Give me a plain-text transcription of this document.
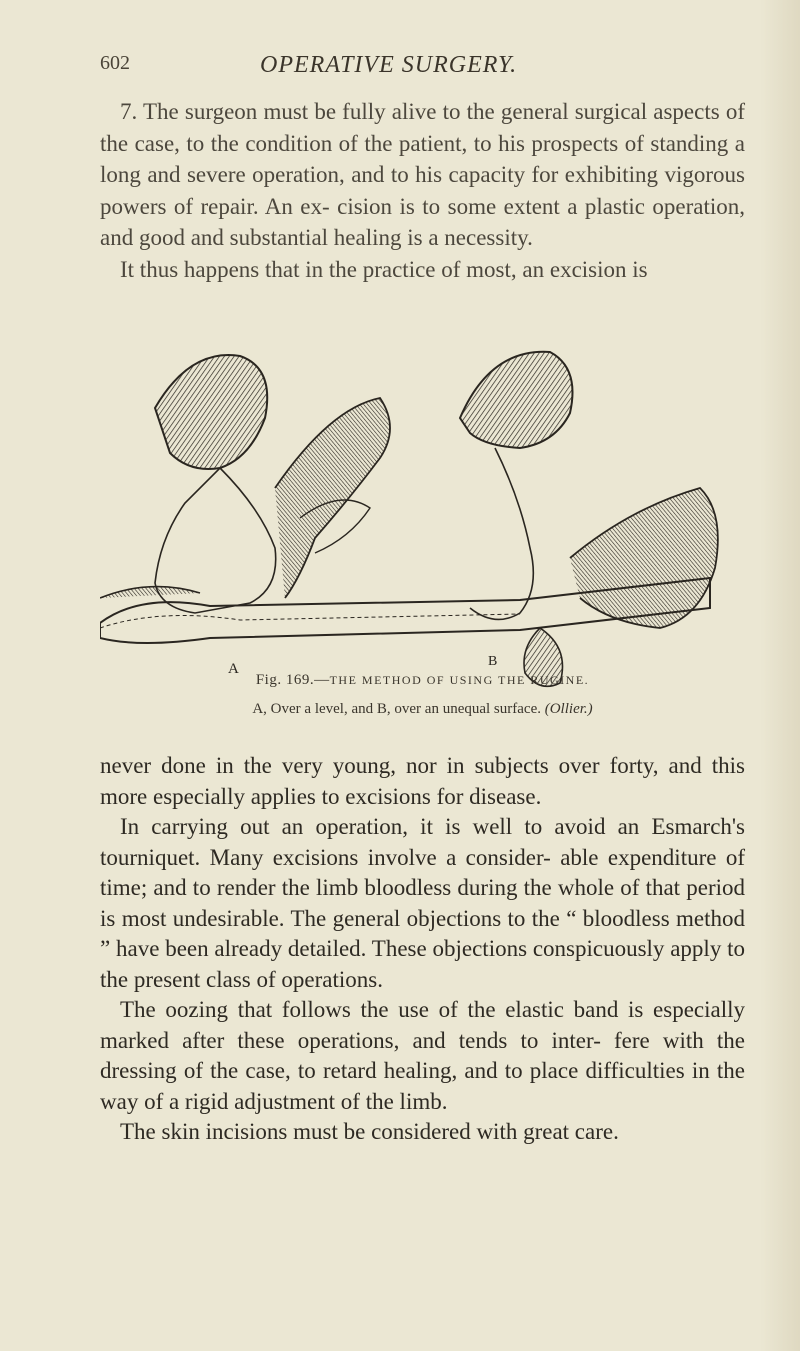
602	OPERATIVE SURGERY.

7. The surgeon must be fully alive to the general surgical aspects of the case, to the condition of the patient, to his prospects of standing a long and severe operation, and to his capacity for exhibiting vigorous powers of repair. An ex- cision is to some extent a plastic operation, and good and substantial healing is a necessity.
It thus happens that in the practice of most, an excision is

A	B
Fig. 169.—THE METHOD OF USING THE RUGINE.
A, Over a level, and B, over an unequal surface. (Ollier.)

never done in the very young, nor in subjects over forty, and this more especially applies to excisions for disease.
In carrying out an operation, it is well to avoid an Esmarch's tourniquet. Many excisions involve a consider- able expenditure of time; and to render the limb bloodless during the whole of that period is most undesirable. The general objections to the “ bloodless method ” have been already detailed. These objections conspicuously apply to the present class of operations.
The oozing that follows the use of the elastic band is especially marked after these operations, and tends to inter- fere with the dressing of the case, to retard healing, and to place difficulties in the way of a rigid adjustment of the limb.
The skin incisions must be considered with great care.
